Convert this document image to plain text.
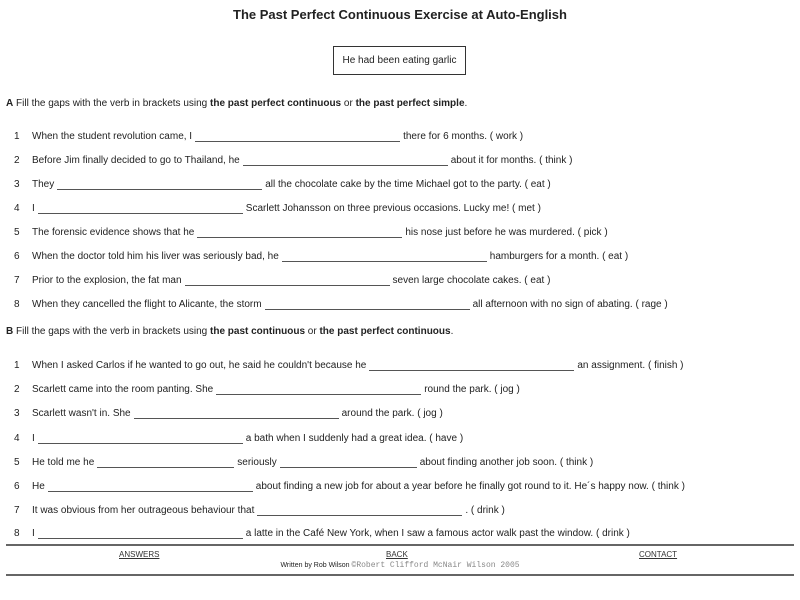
The Past Perfect Continuous Exercise at Auto-English
He had been eating garlic
A Fill the gaps with the verb in brackets using the past perfect continuous or the past perfect simple.
1	When the student revolution came, I	there for 6 months. ( work )
2	Before Jim finally decided to go to Thailand, he	about it for months. ( think )
3	They	all the chocolate cake by the time Michael got to the party. ( eat )
4	I	Scarlett Johansson on three previous occasions. Lucky me! ( met )
5	The forensic evidence shows that he	his nose just before he was murdered. ( pick )
6	When the doctor told him his liver was seriously bad, he	hamburgers for a month. ( eat )
7	Prior to the explosion, the fat man	seven large chocolate cakes. ( eat )
8	When they cancelled the flight to Alicante, the storm	all afternoon with no sign of abating. ( rage )
B Fill the gaps with the verb in brackets using the past continuous or the past perfect continuous.
1	When I asked Carlos if he wanted to go out, he said he couldn't because he	an assignment. ( finish )
2	Scarlett came into the room panting. She	round the park. ( jog )
3	Scarlett wasn't in. She	around the park. ( jog )
4	I	a bath when I suddenly had a great idea. ( have )
5	He told me he	seriously	about finding another job soon. ( think )
6	He	about finding a new job for about a year before he finally got round to it. He´s happy now. ( think )
7	It was obvious from her outrageous behaviour that	. ( drink )
8	I	a latte in the Café New York, when I saw a famous actor walk past the window. ( drink )
ANSWERS	BACK	CONTACT
Written by Rob Wilson ©Robert Clifford McNair Wilson 2005
